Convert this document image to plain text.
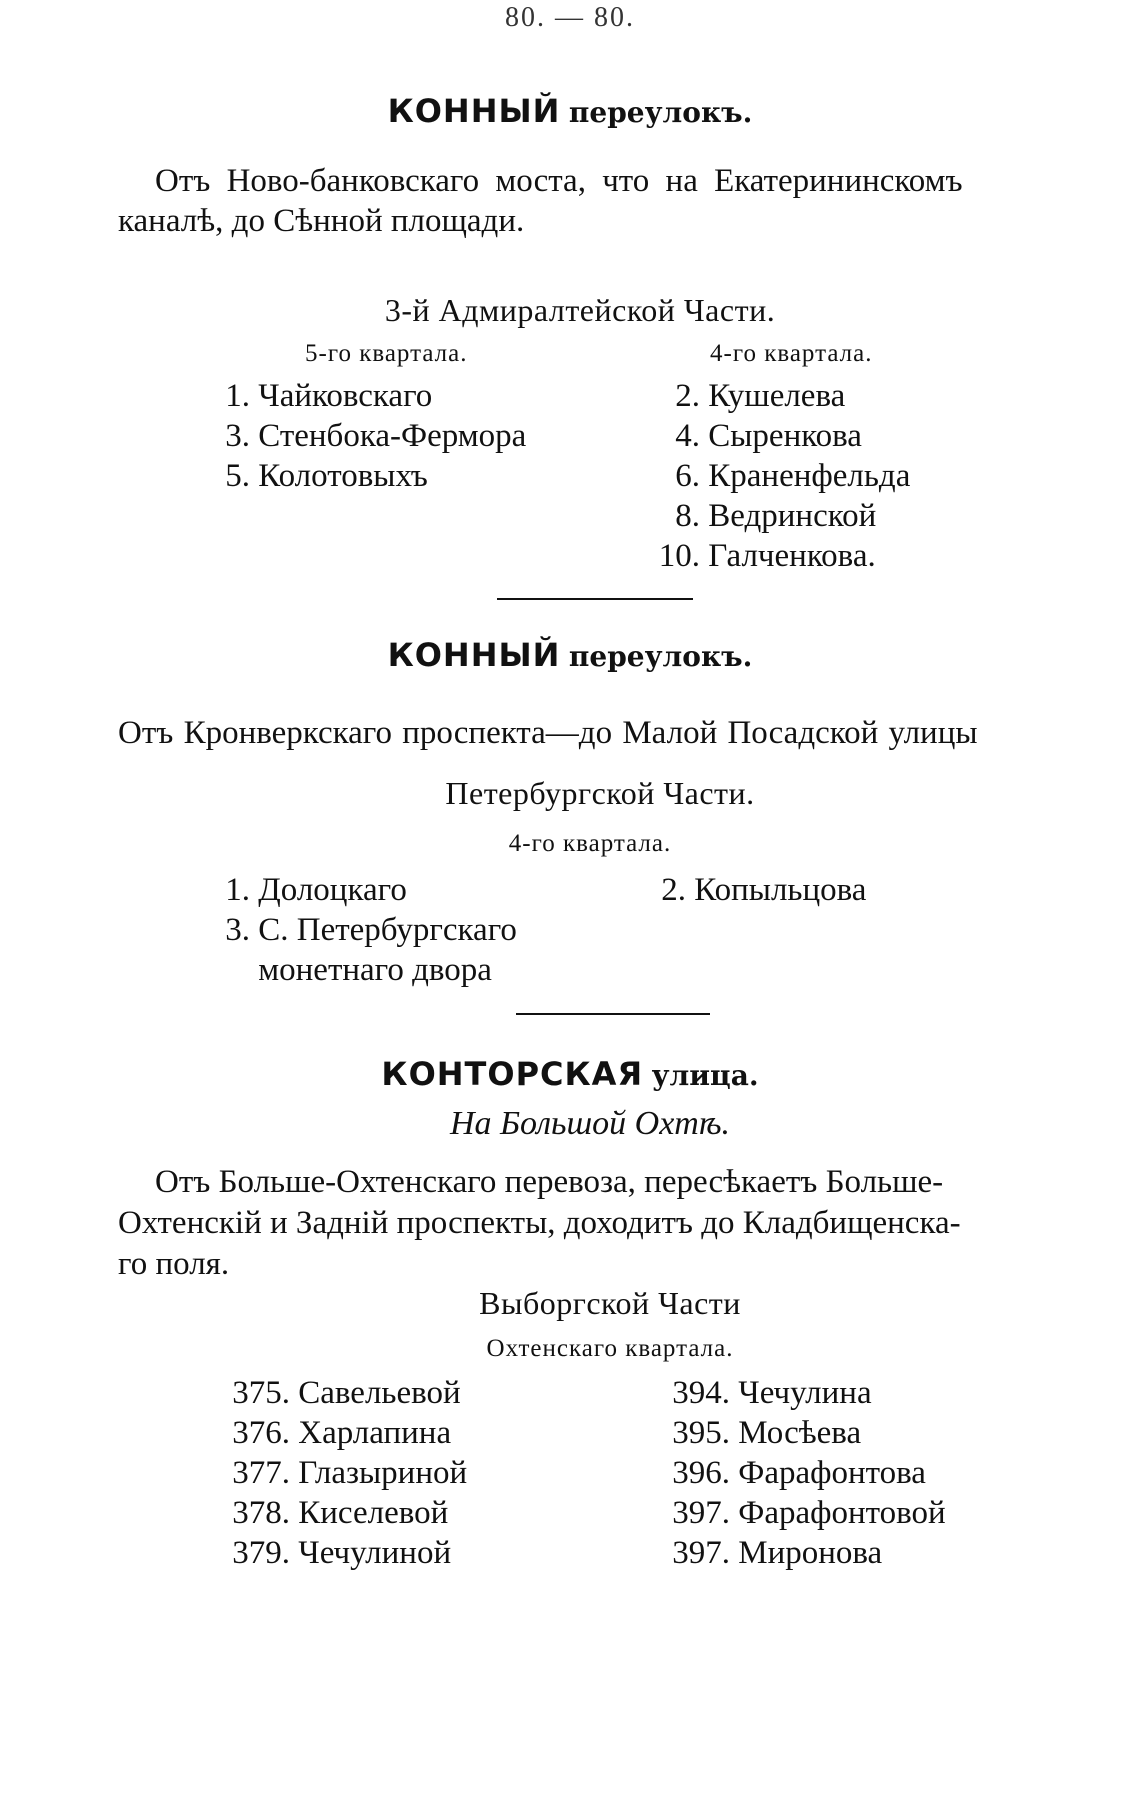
80. — 80.
КОННЫЙ переулокъ.
Отъ Ново-банковскаго моста, что на Екатерининскомъ
каналѣ, до Сѣнной площади.
3-й Адмиралтейской Части.
5-го квартала.	4-го квартала.
1. Чайковскаго
3. Стенбока-Фермора
5. Колотовыхъ
2. Кушелева
4. Сыренкова
6. Краненфельда
8. Ведринской
10. Галченкова.
КОННЫЙ переулокъ.
Отъ Кронверкскаго проспекта—до Малой Посадской улицы
Петербургской Части.
4-го квартала.
1. Долоцкаго
3. С. Петербургскаго
монетнаго двора
2. Копыльцова
КОНТОРСКАЯ улица.
На Большой Охтѣ.
Отъ Больше-Охтенскаго перевоза, пересѣкаетъ Больше-
Охтенскій и Задній проспекты, доходитъ до Кладбищенска-
го поля.
Выборгской Части
Охтенскаго квартала.
375. Савельевой
376. Харлапина
377. Глазыриной
378. Киселевой
379. Чечулиной
394. Чечулина
395. Мосѣева
396. Фарафонтова
397. Фарафонтовой
397. Миронова
